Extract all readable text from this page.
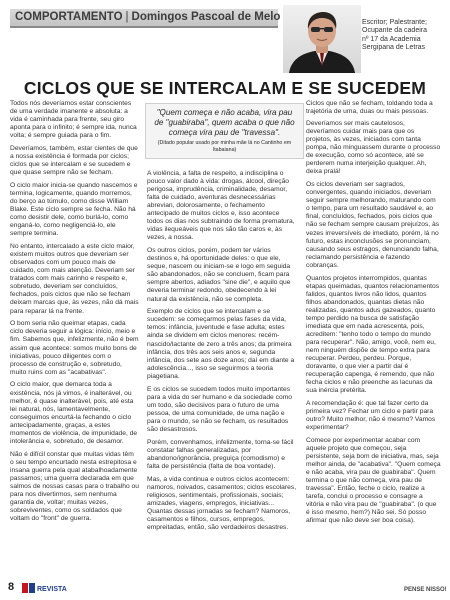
COMPORTAMENTO | Domingos Pascoal de Melo	Escritor; Palestrante;
Ocupante da cadeira
nº 17 da Academia
Sergipana de Letras
CICLOS QUE SE INTERCALAM E SE SUCEDEM

"Quem começa e não acaba, vira pau de "guabiraba", quem acaba o que não começa vira pau de "travessa".

(Ditado popular usado por minha mãe lá no Cantinho em Itabaiana)

Todos nós deveríamos estar conscientes de uma verdade imanente e absoluta: a vida é caminhada para frente, seu giro aponta para o infinito; é sempre ida, nunca volta; é sempre guiada para o fim.

Deveríamos, também, estar cientes de que a nossa existência é formada por ciclos; ciclos que se intercalam e se sucedem e que quase sempre não se fecham.

O ciclo maior inicia-se quando nascemos e termina, logicamente, quando morremos, do berço ao túmulo, como disse William Blake. Este ciclo sempre se fecha. Não há como desistir dele, como burlá-lo, como enganá-lo, como negligenciá-lo, ele sempre termina.

No entanto, intercalado a este ciclo maior, existem muitos outros que deveriam ser observados com um pouco mais de cuidado, com mais atenção. Deveriam ser tratados com mais carinho e respeito e, sobretudo, deveriam ser concluídos, fechados, pois ciclos que não se fecham deixam marcas que, às vezes, não dá mais para reparar lá na frente.

O bom seria não queimar etapas, cada ciclo deveria seguir a lógica: início, meio e fim. Sabemos que, infelizmente, não é bem assim que acontece: somos muito bons de iniciativas, pouco diligentes com o processo de construção e, sobretudo, muito ruins com as "acabativas".

O ciclo maior, que demarca toda a existência, nós já vimos, é inalterável, ou melhor, é quase inalterável, pois, até esta lei natural, nós, lamentavelmente, conseguimos encurtá-la fechando o ciclo antecipadamente, graças, a estes momentos de violência, de impunidade, de intolerância e, sobretudo, de desamor.

Não é difícil constar que muitas vidas têm o seu tempo encurtado nesta estrepitosa e insana guerra pela qual atabalhoadamente passamos; uma guerra declarada em que salmos de nossas casas para o trabalho ou para nos divertirmos, sem nenhuma garantia de, voltar; muitas vezes, sobreviventes, como os soldados que voltam do "front" de guerra.

A violência, a falta de respeito, a indisciplina o pouco valor dado à vida: drogas, álcool, direção perigosa, imprudência, criminalidade, desamor, falta de cuidado, aventuras desnecessárias abrevian, dolorosamente, o fechamento antecipado de muitos ciclos e, isso acontece todos os dias nos subtraindo de forma prematura, vidas ilequeáveis que nos são tão caros e, às vezes, a nossa.

Os outros ciclos, porém, podem ter vários destinos e, há oportunidade deles: o que ele, seque, nascem ou iniciam-se e logo em seguida são abandonados, não se concluem, ficam para sempre abertos, adiados "sine die", e aquilo que deveria terminar redondo, obedecendo à lei natural da existência, não se completa.

Exemplo de ciclos que se intercalam e se sucedem: se começarmos pelas fases da vida, temos: infância, juventude e fase adulta; estes ainda se dividem em ciclos menores: recém-nascido/lactante de zero a três anos; da primeira infância, dos três aos seis anos e, segunda infância, dos sete aos doze anos; daí em diante a adolescência..., isso se seguirmos a teoria piagetiana.

E os ciclos se sucedem todos muito importantes para a vida do ser humano e da sociedade como um todo, são decisivos para o futuro de uma pessoa, de uma comunidade, de uma nação e para o mundo, se não se fecham, os resultados são desastrosos.

Porém, convenhamos, infelizmente, torna-se fácil constatar falhas generalizadas, por abandono/ignorância, preguiça (comodismo) e falta de persistência (falta de boa vontade).

Mas, a vida continua e outros ciclos acontecem: namoros, noivados, casamentos; ciclos escolares, religiosos, sentimentais, profissionais, sociais; amizades, viagens, empregos, iniciativas... Quantas dessas jornadas se fecham? Namoros, casamentos e filhos, cursos, empregos, empreitadas, então, são verdadeiros desastres.

Ciclos que não se fecham, toldando toda a trajetória de uma, duas ou mais pessoas.

Deveríamos ser mais cautelosos, deveríamos cuidar mais para que os projetos, às vezes, iniciados com tanta pompa, não minguassem durante o processo de execução, como só acontece, até se perderem numa interjeição qualquer. Ah, deixa pralá!

Os ciclos deveriam ser sagrados, convergentes, quando iniciados, deveriam seguir sempre melhorando, maturando com o tempo, para um resultado saudável e, ao final, concluídos, fechados, pois ciclos que não se fecham sempre causam prejuízos, às vezes irreversíveis de imediato, porém, lá no futuro, estas inconclusões se pronunciam, causando seus estragos, denunciando falha, reclamando persistência e fazendo cobranças.

Quantos projetos interrompidos, quantas etapas queimadas, quantos relacionamentos falidos, quantos livros não lidos, quantos filhos abandonados, quantas dietas não realizadas, quantos adus gazeados, quanto tempo perdido na busca de satisfação imediata que em nada acrescenta, pois, acreditem: "tenho todo o tempo do mundo para recuperar". Não, amigo, você, nem eu, nem ninguém dispõe de tempo extra para recuperar. Perdeu, perdeu. Porque, doravante, o que vier a partir daí é recuperação capenga, é remendo, que não fecha ciclos e não preenche as lacunas da sua inércia pretérita.

A recomendação é: que tal fazer certo da primeira vez? Fechar um ciclo e partir para outro? Muito melhor, não é mesmo? Vamos experimentar?

Comece por experimentar acabar com aquele projeto que começou, seja persistente, seja bom de iniciativa, mas, seja melhor ainda, de "acabativa". "Quem começa e não acaba, vira pau de guabiraba". Quem termina o que não começa, vira pau de travessa". Então, feche o ciclo, realize a tarefa, conclui o processo e consagre a vitória e não vira pau de "guabiraba". (o que é isso mesmo, hem?) Não sei. Só posso afirmar que não deve ser boa coisa).

PENSE NISSO!
8	REVISTA
